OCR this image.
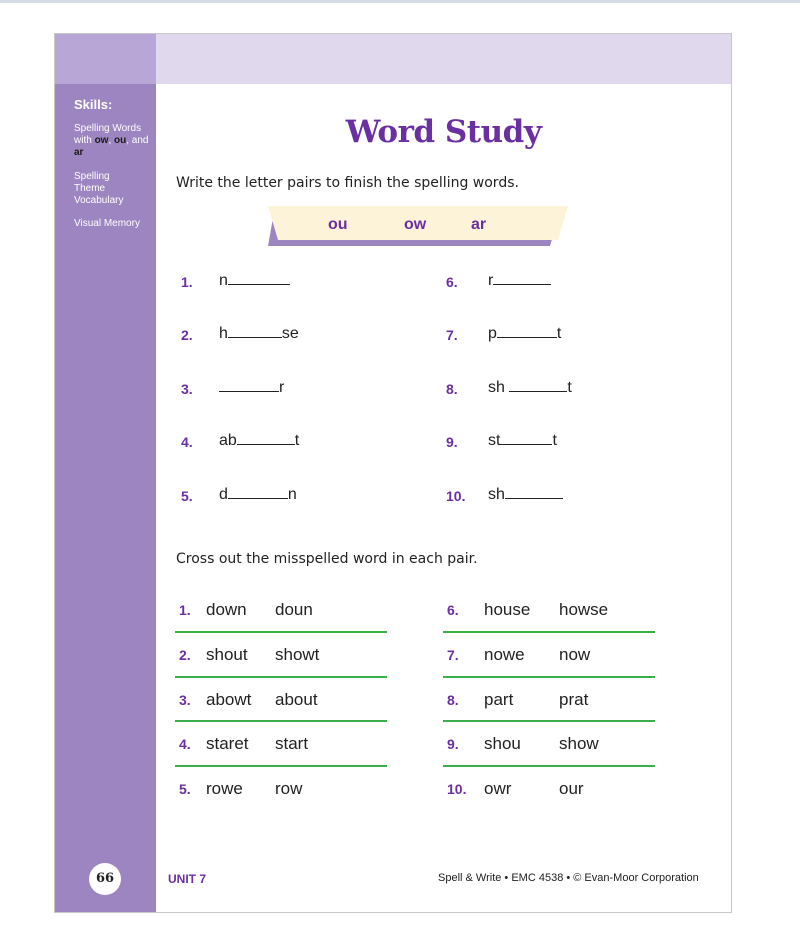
Skills:
Spelling Words with ow, ou, and ar
Spelling Theme Vocabulary
Visual Memory
66
Word Study
Write the letter pairs to finish the spelling words.
ou	ow	ar
1. n
2. h	se
3.	r
4. ab	t
5. d	n
6. r
7. p	t
8. sh	t
9. st	t
10. sh
Cross out the misspelled word in each pair.
1. down doun
2. shout showt
3. abowt about
4. staret start
5. rowe row
6. house howse
7. nowe now
8. part	prat
9. shou show
10. owr	our
UNIT 7	Spell & Write • EMC 4538 • © Evan-Moor Corporation
